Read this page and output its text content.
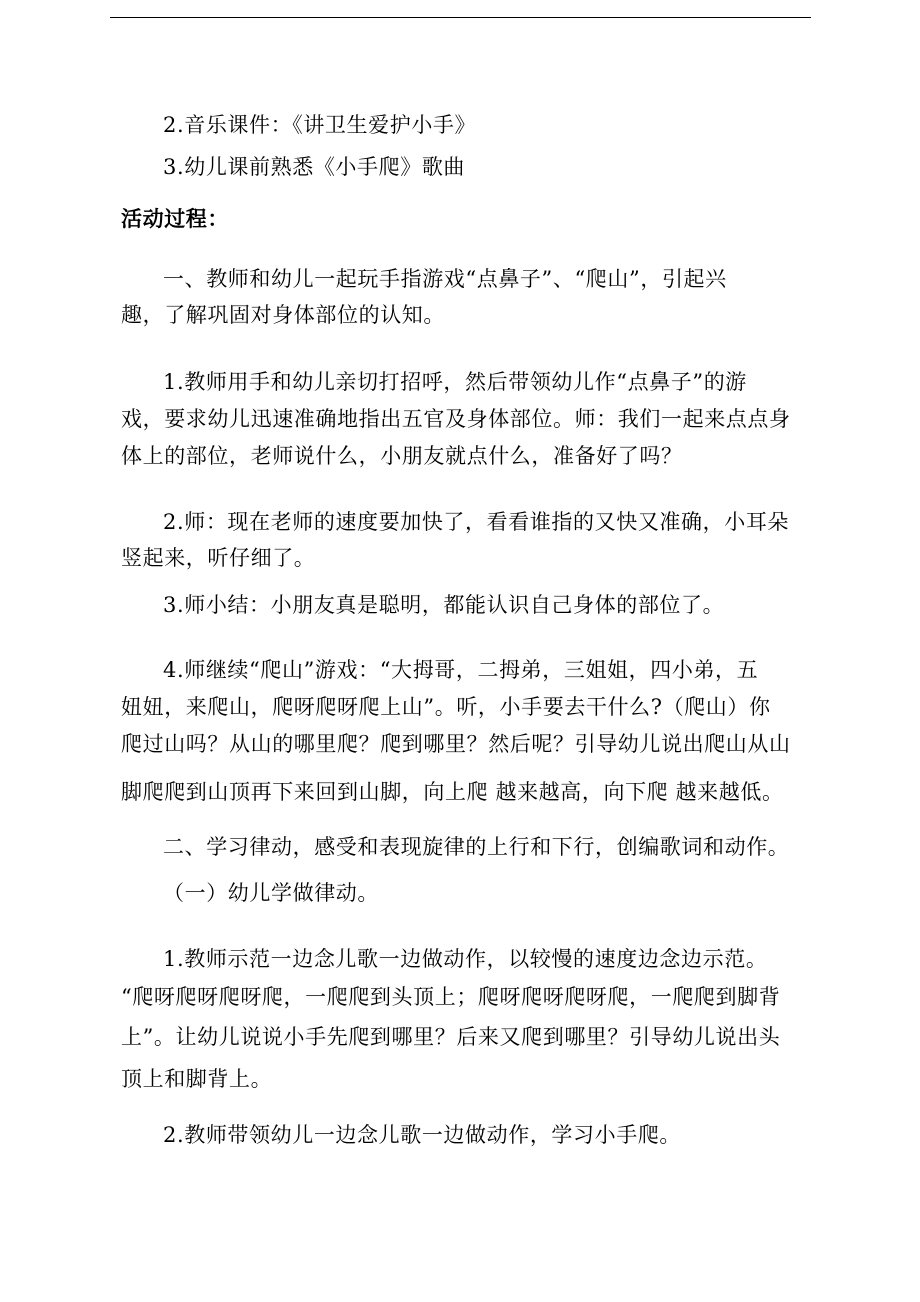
2.音乐课件：《讲卫生爱护小手》
3.幼儿课前熟悉《小手爬》歌曲
活动过程：
一、教师和幼儿一起玩手指游戏“点鼻子”、“爬山”，引起兴
趣，了解巩固对身体部位的认知。
1.教师用手和幼儿亲切打招呼，然后带领幼儿作“点鼻子”的游
戏，要求幼儿迅速准确地指出五官及身体部位。师：我们一起来点点身
体上的部位，老师说什么，小朋友就点什么，准备好了吗？
2.师：现在老师的速度要加快了，看看谁指的又快又准确，小耳朵
竖起来，听仔细了。
3.师小结：小朋友真是聪明，都能认识自己身体的部位了。
4.师继续“爬山”游戏：“大拇哥，二拇弟，三姐姐，四小弟，五
妞妞，来爬山，爬呀爬呀爬上山”。听，小手要去干什么?（爬山）你
爬过山吗？从山的哪里爬？爬到哪里？然后呢？引导幼儿说出爬山从山
脚爬爬到山顶再下来回到山脚，向上爬 越来越高，向下爬 越来越低。
二、学习律动，感受和表现旋律的上行和下行，创编歌词和动作。
（一）幼儿学做律动。
1.教师示范一边念儿歌一边做动作，以较慢的速度边念边示范。
“爬呀爬呀爬呀爬，一爬爬到头顶上；爬呀爬呀爬呀爬，一爬爬到脚背
上”。让幼儿说说小手先爬到哪里？后来又爬到哪里？引导幼儿说出头
顶上和脚背上。
2.教师带领幼儿一边念儿歌一边做动作，学习小手爬。
